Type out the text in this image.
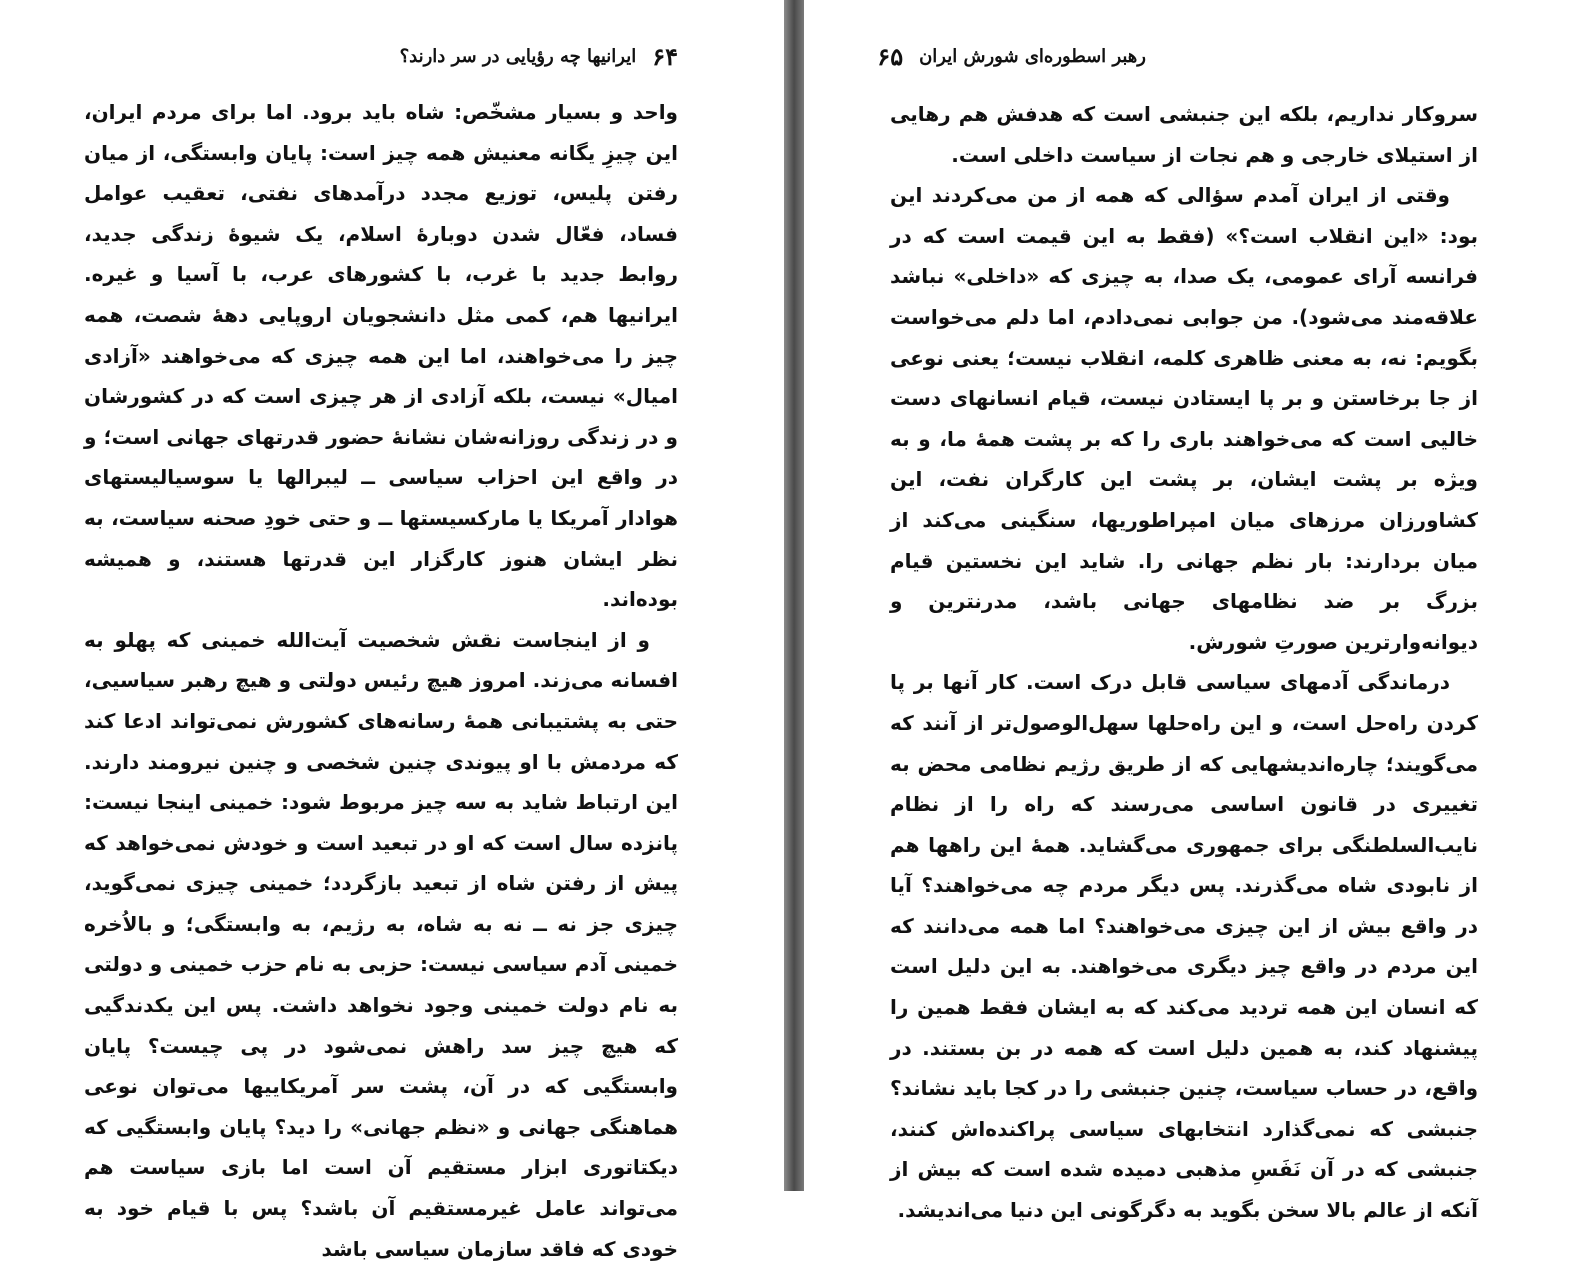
۶۴
ایرانیها چه رؤیایی در سر دارند؟

واحد و بسیار مشخّص: شاه باید برود. اما برای مردم ایران، این چیزِ یگانه معنیش همه چیز است: پایان وابستگی، از میان رفتن پلیس، توزیع مجدد درآمدهای نفتی، تعقیب عوامل فساد، فعّال شدن دوبارهٔ اسلام، یک شیوهٔ زندگی جدید، روابط جدید با غرب، با کشورهای عرب، با آسیا و غیره. ایرانیها هم، کمی مثل دانشجویان اروپایی دههٔ شصت، همه چیز را می‌خواهند، اما این همه چیزی که می‌خواهند «آزادی امیال» نیست، بلکه آزادی از هر چیزی است که در کشورشان و در زندگی روزانه‌شان نشانهٔ حضور قدرتهای جهانی است؛ و در واقع این احزاب سیاسی ــ لیبرالها یا سوسیالیستهای هوادار آمریکا یا مارکسیستها ــ و حتی خودِ صحنه سیاست، به نظر ایشان هنوز کارگزار این قدرتها هستند، و همیشه بوده‌اند.

و از اینجاست نقش شخصیت آیت‌الله خمینی که پهلو به افسانه می‌زند. امروز هیچ رئیس دولتی و هیچ رهبر سیاسیی، حتی به پشتیبانی همهٔ رسانه‌های کشورش نمی‌تواند ادعا کند که مردمش با او پیوندی چنین شخصی و چنین نیرومند دارند. این ارتباط شاید به سه چیز مربوط شود: خمینی اینجا نیست: پانزده سال است که او در تبعید است و خودش نمی‌خواهد که پیش از رفتن شاه از تبعید بازگردد؛ خمینی چیزی نمی‌گوید، چیزی جز نه ــ نه به شاه، به رژیم، به وابستگی؛ و بالاُخره خمینی آدم سیاسی نیست: حزبی به نام حزب خمینی و دولتی به نام دولت خمینی وجود نخواهد داشت. پس این یکدندگیی که هیچ چیز سد راهش نمی‌شود در پی چیست؟ پایان وابستگیی که در آن، پشت سر آمریکاییها می‌توان نوعی هماهنگی جهانی و «نظم جهانی» را دید؟ پایان وابستگیی که دیکتاتوری ابزار مستقیم آن است اما بازی سیاست هم می‌تواند عامل غیرمستقیم آن باشد؟ پس با قیام خود به خودی که فاقد سازمان سیاسی باشد

رهبر اسطوره‌ای شورش ایران
۶۵

سروکار نداریم، بلکه این جنبشی است که هدفش هم رهایی از استیلای خارجی و هم نجات از سیاست داخلی است.

وقتی از ایران آمدم سؤالی که همه از من می‌کردند این بود: «این انقلاب است؟» (فقط به این قیمت است که در فرانسه آرای عمومی، یک صدا، به چیزی که «داخلی» نباشد علاقه‌مند می‌شود). من جوابی نمی‌دادم، اما دلم می‌خواست بگویم: نه، به معنی ظاهری کلمه، انقلاب نیست؛ یعنی نوعی از جا برخاستن و بر پا ایستادن نیست، قیام انسانهای دست خالیی است که می‌خواهند باری را که بر پشت همهٔ ما، و به ویژه بر پشت ایشان، بر پشت این کارگران نفت، این کشاورزان مرزهای میان امپراطوریها، سنگینی می‌کند از میان بردارند: بار نظم جهانی را. شاید این نخستین قیام بزرگ بر ضد نظامهای جهانی باشد، مدرنترین و دیوانه‌وارترین صورتِ شورش.

درماندگی آدمهای سیاسی قابل درک است. کار آنها بر پا کردن راه‌حل است، و این راه‌حلها سهل‌الوصول‌تر از آنند که می‌گویند؛ چاره‌اندیشهایی که از طریق رژیم نظامی محض به تغییری در قانون اساسی می‌رسند که راه را از نظام نایب‌السلطنگی برای جمهوری می‌گشاید. همهٔ این راهها هم از نابودی شاه می‌گذرند. پس دیگر مردم چه می‌خواهند؟ آیا در واقع بیش از این چیزی می‌خواهند؟ اما همه می‌دانند که این مردم در واقع چیز دیگری می‌خواهند. به این دلیل است که انسان این همه تردید می‌کند که به ایشان فقط همین را پیشنهاد کند، به همین دلیل است که همه در بن بستند. در واقع، در حساب سیاست، چنین جنبشی را در کجا باید نشاند؟ جنبشی که نمی‌گذارد انتخابهای سیاسی پراکنده‌اش کنند، جنبشی که در آن نَفَسِ مذهبی دمیده شده است که بیش از آنکه از عالم بالا سخن بگوید به دگرگونی این دنیا می‌اندیشد.
